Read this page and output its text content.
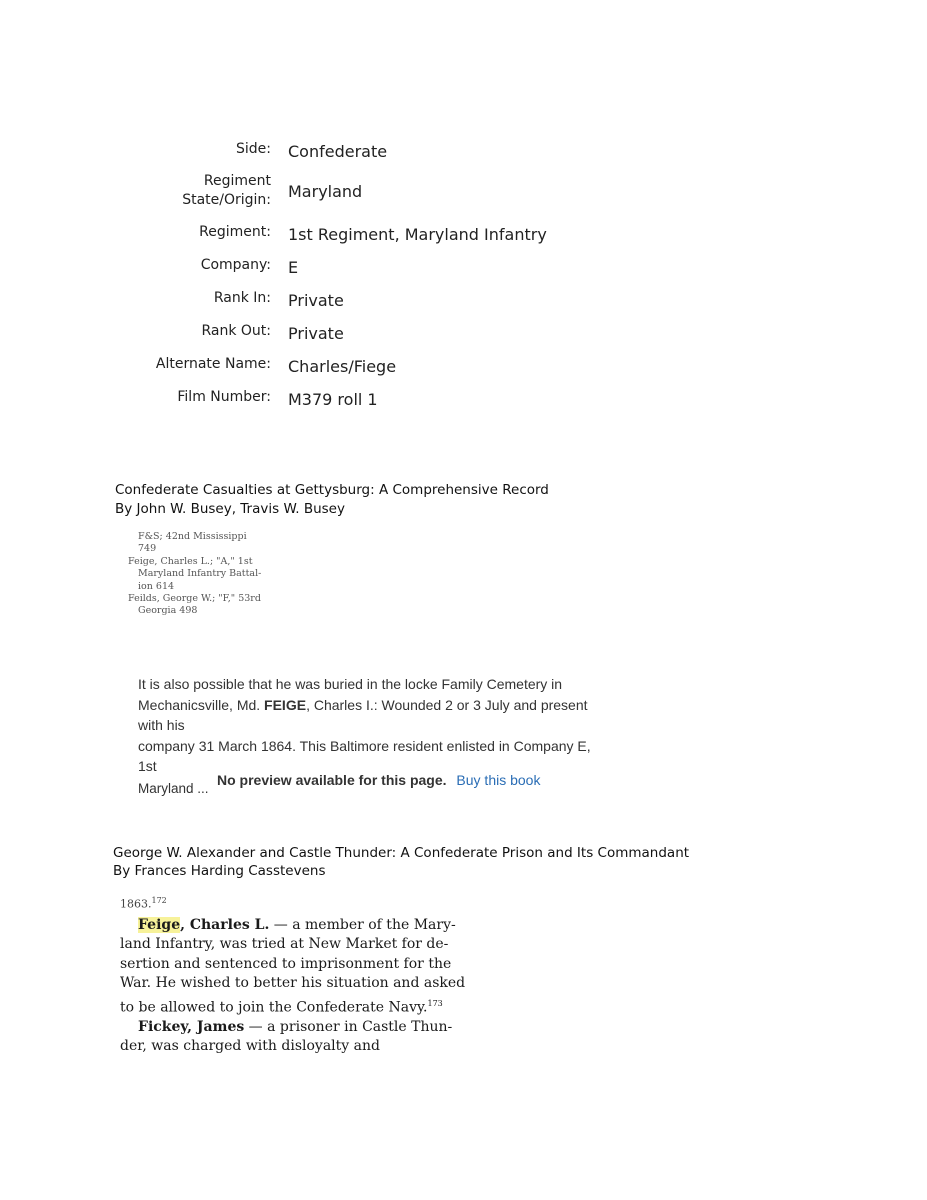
Side: Confederate
Regiment
State/Origin: Maryland
Regiment: 1st Regiment, Maryland Infantry
Company: E
Rank In: Private
Rank Out: Private
Alternate Name: Charles/Fiege
Film Number: M379 roll 1
Confederate Casualties at Gettysburg: A Comprehensive Record
By John W. Busey, Travis W. Busey
F&S; 42nd Mississippi
749
Feige, Charles L.; "A," 1st
Maryland Infantry Battal-
ion 614
Feilds, George W.; "F," 53rd
Georgia 498
It is also possible that he was buried in the locke Family Cemetery in
Mechanicsville, Md. FEIGE, Charles I.: Wounded 2 or 3 July and present
with his
company 31 March 1864. This Baltimore resident enlisted in Company E,
1st
Maryland ... No preview available for this page. Buy this book
George W. Alexander and Castle Thunder: A Confederate Prison and Its Commandant
By Frances Harding Casstevens
1863.$^{172}$
Feige, Charles L. — a member of the Mary-
land Infantry, was tried at New Market for de-
sertion and sentenced to imprisonment for the
War. He wished to better his situation and asked
to be allowed to join the Confederate Navy.$^{173}$
Fickey, James — a prisoner in Castle Thun-
der, was charged with disloyalty and
